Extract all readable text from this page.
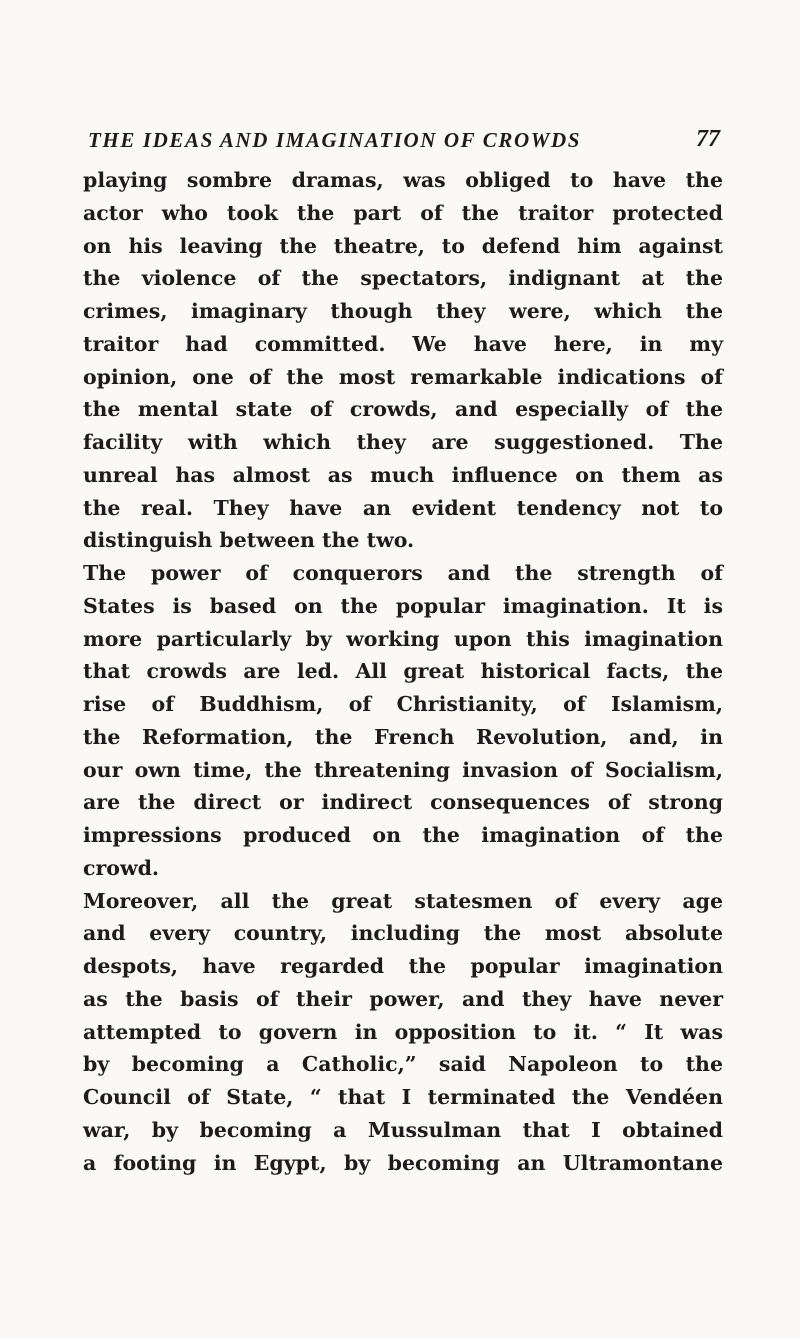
THE IDEAS AND IMAGINATION OF CROWDS	77
playing sombre dramas, was obliged to have the
actor who took the part of the traitor protected
on his leaving the theatre, to defend him against
the violence of the spectators, indignant at the
crimes, imaginary though they were, which the
traitor had committed. We have here, in my
opinion, one of the most remarkable indications of
the mental state of crowds, and especially of the
facility with which they are suggestioned. The
unreal has almost as much influence on them as
the real. They have an evident tendency not to
distinguish between the two.
The power of conquerors and the strength of
States is based on the popular imagination. It is
more particularly by working upon this imagination
that crowds are led. All great historical facts, the
rise of Buddhism, of Christianity, of Islamism,
the Reformation, the French Revolution, and, in
our own time, the threatening invasion of Socialism,
are the direct or indirect consequences of strong
impressions produced on the imagination of the
crowd.
Moreover, all the great statesmen of every age
and every country, including the most absolute
despots, have regarded the popular imagination
as the basis of their power, and they have never
attempted to govern in opposition to it. “ It was
by becoming a Catholic,” said Napoleon to the
Council of State, “ that I terminated the Vendéen
war, by becoming a Mussulman that I obtained
a footing in Egypt, by becoming an Ultramontane
